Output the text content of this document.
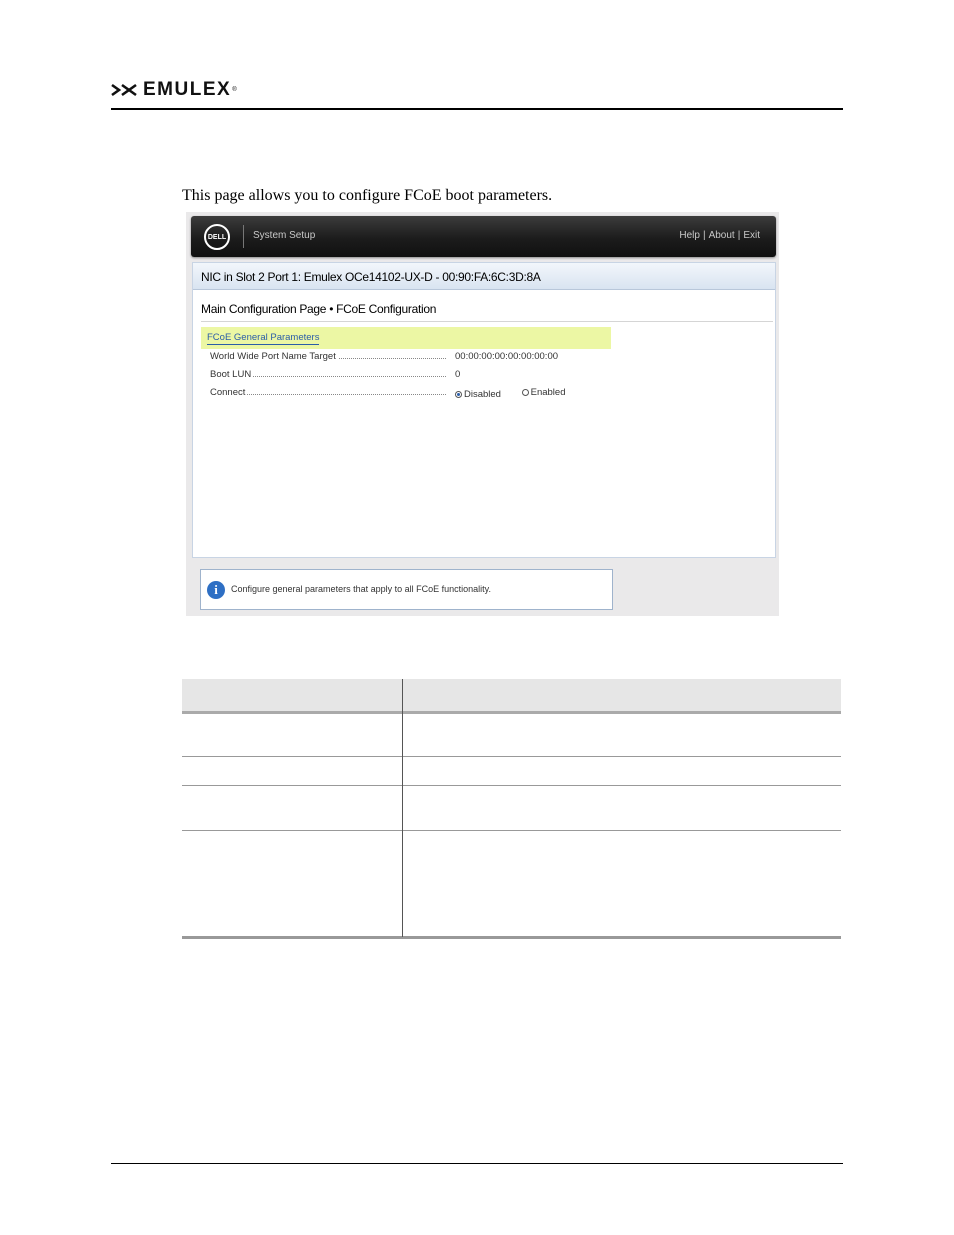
EMULEX ®
This page allows you to configure FCoE boot parameters.
DELL	System Setup	Help | About | Exit
NIC in Slot 2 Port 1: Emulex OCe14102-UX-D - 00:90:FA:6C:3D:8A
Main Configuration Page • FCoE Configuration
FCoE General Parameters
World Wide Port Name Target	00:00:00:00:00:00:00:00
Boot LUN	0
Connect	Disabled
	Enabled
i	Configure general parameters that apply to all FCoE functionality.
